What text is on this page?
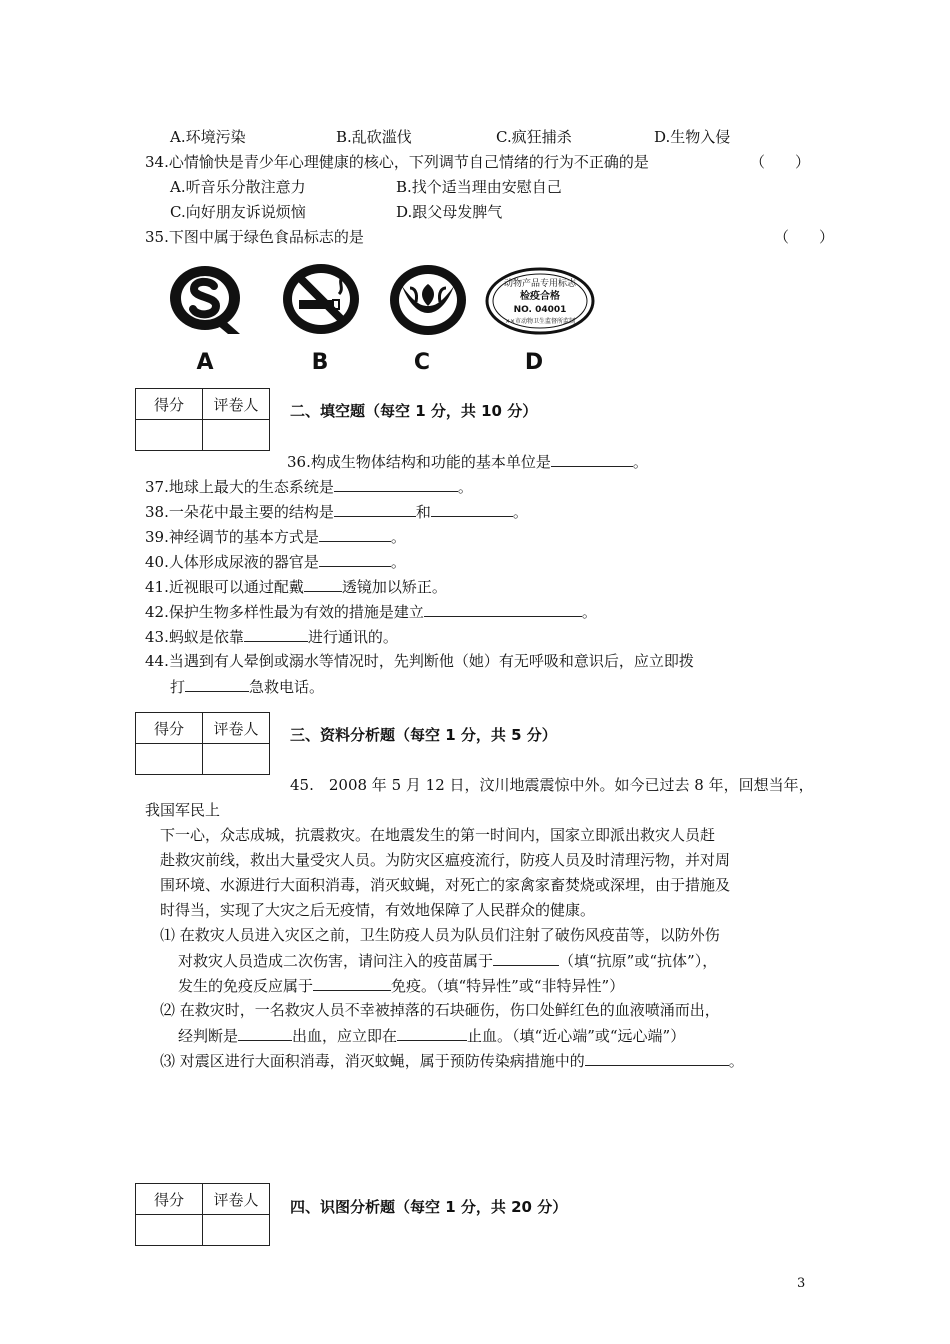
A.环境污染	B.乱砍滥伐	C.疯狂捕杀	D.生物入侵
34.心情愉快是青少年心理健康的核心，下列调节自己情绪的行为不正确的是	（　　）
A.听音乐分散注意力	B.找个适当理由安慰自己
C.向好朋友诉说烦恼	D.跟父母发脾气
35.下图中属于绿色食品标志的是	（　　）
A	B	C
动物产品专用标志
检疫合格
NO. 04001
××市动物卫生监督所监制
D
得分	评卷人
	二、填空题（每空 1 分，共 10 分）
36.构成生物体结构和功能的基本单位是	。
37.地球上最大的生态系统是	。
38.一朵花中最主要的结构是	和	。
39.神经调节的基本方式是	。
40.人体形成尿液的器官是	。
41.近视眼可以通过配戴	透镜加以矫正。
42.保护生物多样性最为有效的措施是建立	。
43.蚂蚁是依靠	进行通讯的。
44.当遇到有人晕倒或溺水等情况时，先判断他（她）有无呼吸和意识后，应立即拨
打	急救电话。
得分	评卷人
	三、资料分析题（每空 1 分，共 5 分）
45.　2008 年 5 月 12 日，汶川地震震惊中外。如今已过去 8 年，回想当年，
我国军民上
下一心，众志成城，抗震救灾。在地震发生的第一时间内，国家立即派出救灾人员赶
赴救灾前线，救出大量受灾人员。为防灾区瘟疫流行，防疫人员及时清理污物，并对周
围环境、水源进行大面积消毒，消灭蚊蝇，对死亡的家禽家畜焚烧或深埋，由于措施及
时得当，实现了大灾之后无疫情，有效地保障了人民群众的健康。
⑴ 在救灾人员进入灾区之前，卫生防疫人员为队员们注射了破伤风疫苗等，以防外伤
对救灾人员造成二次伤害，请问注入的疫苗属于	（填“抗原”或“抗体”），
发生的免疫反应属于	免疫。（填“特异性”或“非特异性”）
⑵ 在救灾时，一名救灾人员不幸被掉落的石块砸伤，伤口处鲜红色的血液喷涌而出，
经判断是	出血，应立即在	止血。（填“近心端”或“远心端”）
⑶ 对震区进行大面积消毒，消灭蚊蝇，属于预防传染病措施中的	。
得分	评卷人
	四、识图分析题（每空 1 分，共 20 分）
3
